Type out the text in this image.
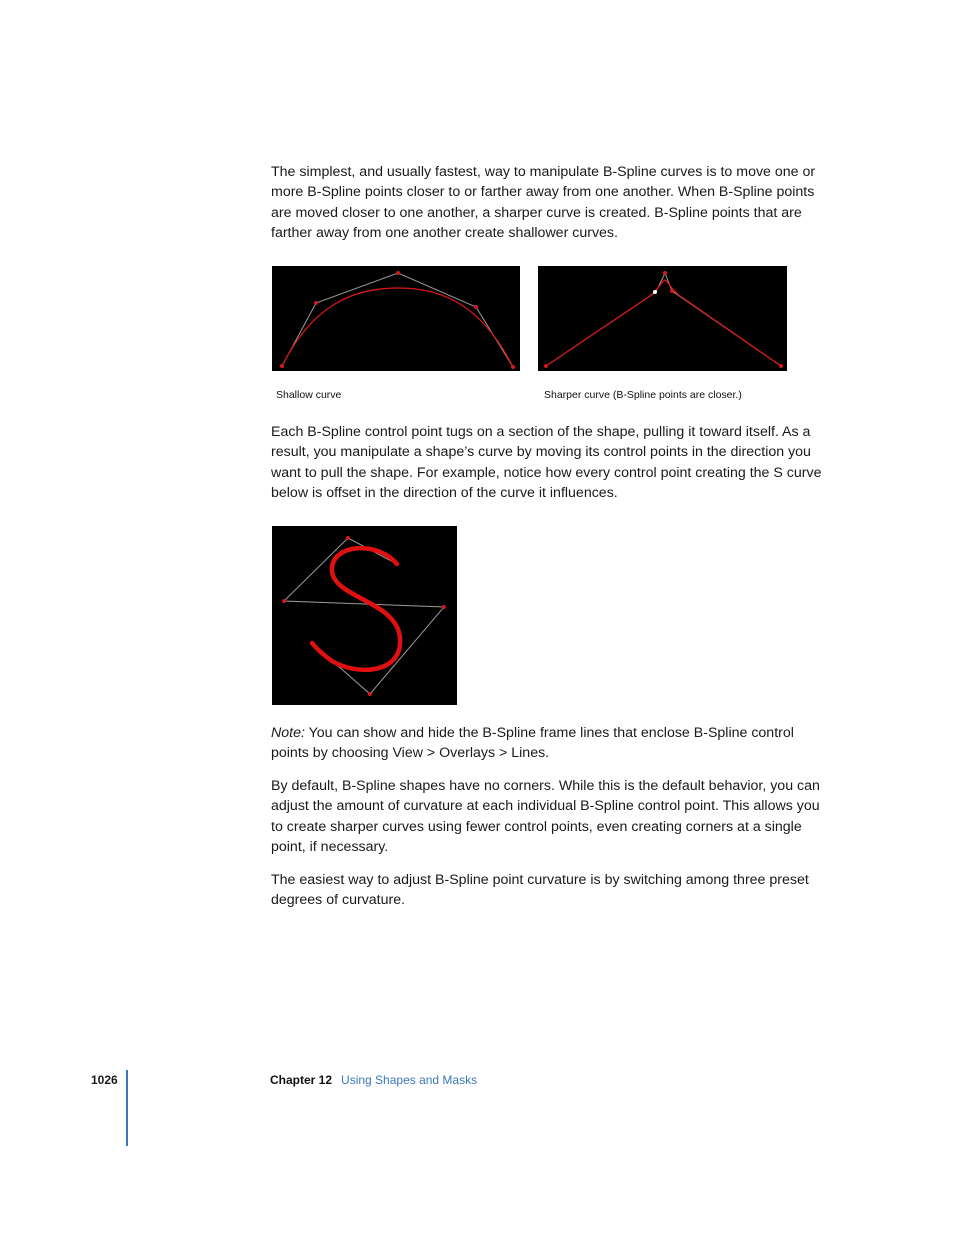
The simplest, and usually fastest, way to manipulate B-Spline curves is to move one or more B-Spline points closer to or farther away from one another. When B-Spline points are moved closer to one another, a sharper curve is created. B-Spline points that are farther away from one another create shallower curves.

Shallow curve	Sharper curve (B-Spline points are closer.)

Each B-Spline control point tugs on a section of the shape, pulling it toward itself. As a result, you manipulate a shape’s curve by moving its control points in the direction you want to pull the shape. For example, notice how every control point creating the S curve below is offset in the direction of the curve it influences.

Note: You can show and hide the B-Spline frame lines that enclose B-Spline control points by choosing View > Overlays > Lines.

By default, B-Spline shapes have no corners. While this is the default behavior, you can adjust the amount of curvature at each individual B-Spline control point. This allows you to create sharper curves using fewer control points, even creating corners at a single point, if necessary.

The easiest way to adjust B-Spline point curvature is by switching among three preset degrees of curvature.

1026	Chapter 12 Using Shapes and Masks
